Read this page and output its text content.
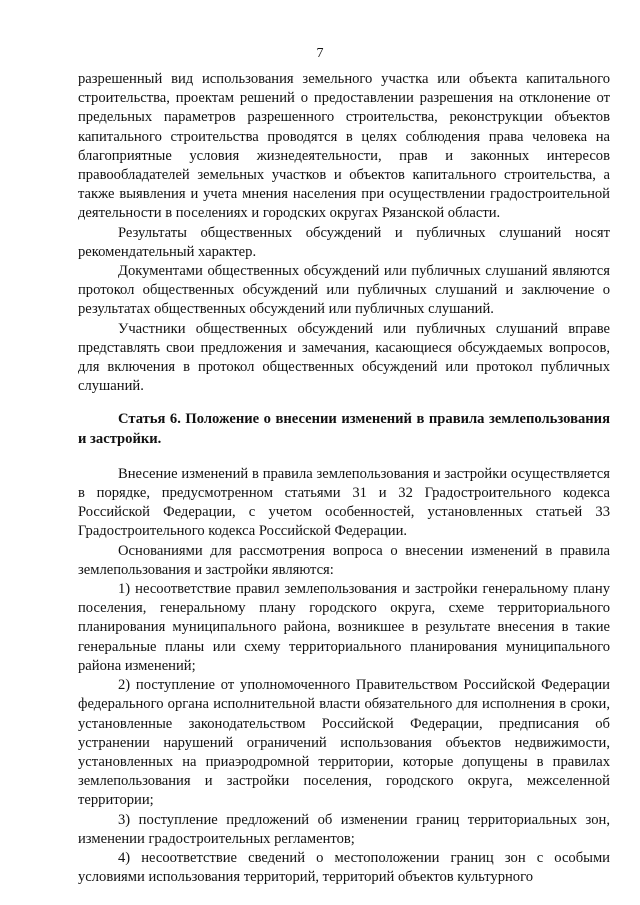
7

разрешенный вид использования земельного участка или объекта капитального строительства, проектам решений о предоставлении разрешения на отклонение от предельных параметров разрешенного строительства, реконструкции объектов капитального строительства проводятся в целях соблюдения права человека на благоприятные условия жизнедеятельности, прав и законных интересов правообладателей земельных участков и объектов капитального строительства, а также выявления и учета мнения населения при осуществлении градостроительной деятельности в поселениях и городских округах Рязанской области.

Результаты общественных обсуждений и публичных слушаний носят рекомендательный характер.

Документами общественных обсуждений или публичных слушаний являются протокол общественных обсуждений или публичных слушаний и заключение о результатах общественных обсуждений или публичных слушаний.

Участники общественных обсуждений или публичных слушаний вправе представлять свои предложения и замечания, касающиеся обсуждаемых вопросов, для включения в протокол общественных обсуждений или протокол публичных слушаний.

Статья 6. Положение о внесении изменений в правила землепользования и застройки.

Внесение изменений в правила землепользования и застройки осуществляется в порядке, предусмотренном статьями 31 и 32 Градостроительного кодекса Российской Федерации, с учетом особенностей, установленных статьей 33 Градостроительного кодекса Российской Федерации.

Основаниями для рассмотрения вопроса о внесении изменений в правила землепользования и застройки являются:

1) несоответствие правил землепользования и застройки генеральному плану поселения, генеральному плану городского округа, схеме территориального планирования муниципального района, возникшее в результате внесения в такие генеральные планы или схему территориального планирования муниципального района изменений;

2) поступление от уполномоченного Правительством Российской Федерации федерального органа исполнительной власти обязательного для исполнения в сроки, установленные законодательством Российской Федерации, предписания об устранении нарушений ограничений использования объектов недвижимости, установленных на приаэродромной территории, которые допущены в правилах землепользования и застройки поселения, городского округа, межселенной территории;

3) поступление предложений об изменении границ территориальных зон, изменении градостроительных регламентов;

4) несоответствие сведений о местоположении границ зон с особыми условиями использования территорий, территорий объектов культурного
